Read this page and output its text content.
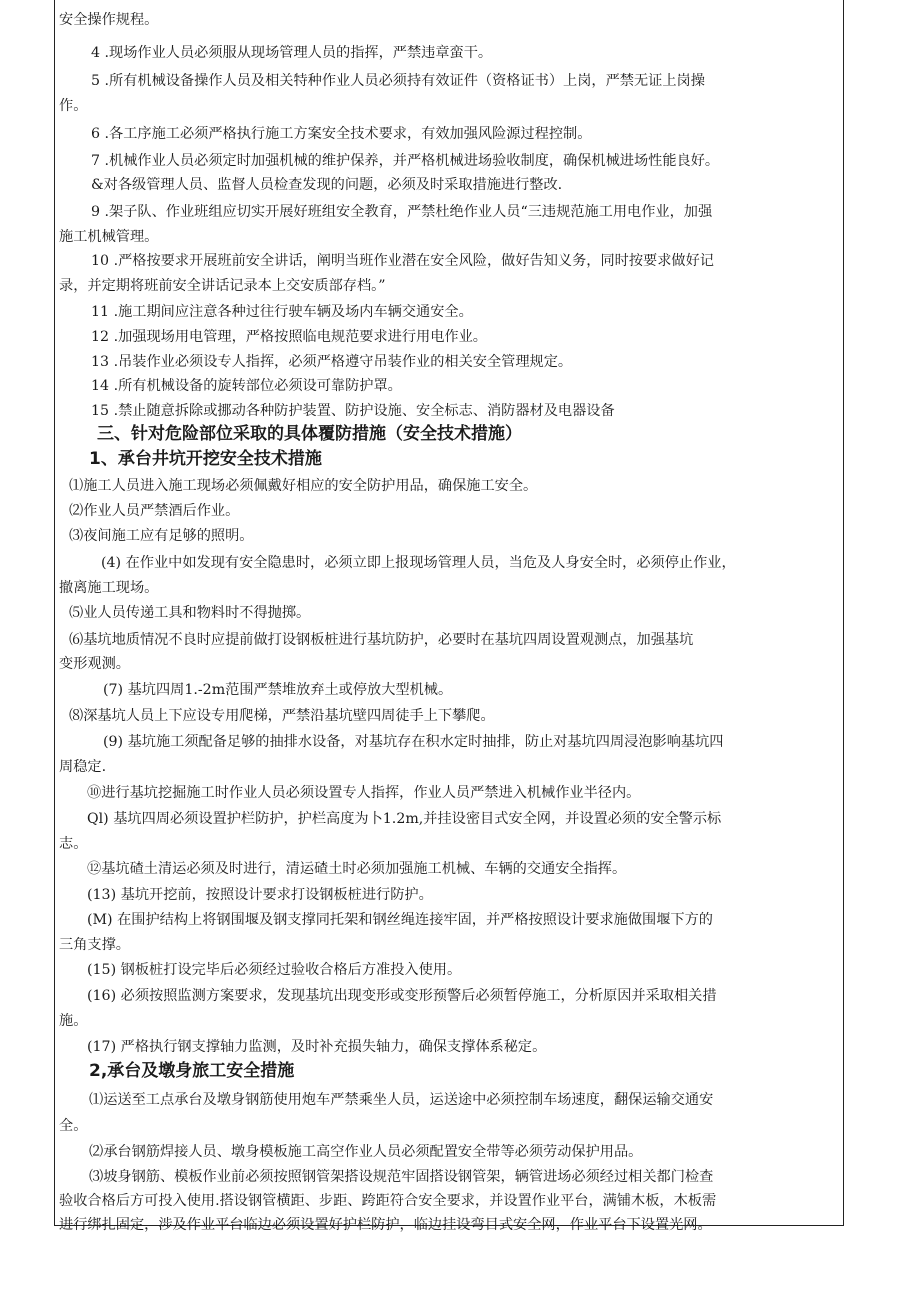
安全操作规程。
4 .现场作业人员必须服从现场管理人员的指挥，严禁违章蛮干。
5 .所有机械设备操作人员及相关特种作业人员必须持有效证件（资格证书）上岗，严禁无证上岗操
作。
6 .各工序施工必须严格执行施工方案安全技术要求，有效加强风险源过程控制。
7 .机械作业人员必须定时加强机械的维护保养，并严格机械进场验收制度，确保机械进场性能良好。
&对各级管理人员、监督人员检查发现的问题，必须及时采取措施进行整改.
9 .架子队、作业班组应切实开展好班组安全教育，严禁杜绝作业人员“三违规范施工用电作业，加强
施工机械管理。
10 .严格按要求开展班前安全讲话，阐明当班作业潜在安全风险，做好告知义务，同时按要求做好记
录，并定期将班前安全讲话记录本上交安质部存档。”
11 .施工期间应注意各种过往行驶车辆及场内车辆交通安全。
12 .加强现场用电管理，严格按照临电规范要求进行用电作业。
13 .吊装作业必须设专人指挥，必须严格遵守吊装作业的相关安全管理规定。
14 .所有机械设备的旋转部位必须设可靠防护罩。
15 .禁止随意拆除或挪动各种防护装置、防护设施、安全标志、消防器材及电器设备
三、针对危险部位采取的具体覆防措施（安全技术措施）
1、承台井坑开挖安全技术措施
⑴施工人员进入施工现场必须佩戴好相应的安全防护用品，确保施工安全。
⑵作业人员严禁酒后作业。
⑶夜间施工应有足够的照明。
(4) 在作业中如发现有安全隐患时，必须立即上报现场管理人员，当危及人身安全时，必须停止作业，
撤离施工现场。
⑸业人员传递工具和物料时不得抛掷。
⑹基坑地质情况不良时应提前做打设钢板桩进行基坑防护，必要时在基坑四周设置观测点，加强基坑
变形观测。
(7) 基坑四周1.-2m范围严禁堆放弃土或停放大型机械。
⑻深基坑人员上下应设专用爬梯，严禁沿基坑壁四周徒手上下攀爬。
(9) 基坑施工须配备足够的抽排水设备，对基坑存在积水定时抽排，防止对基坑四周浸泡影响基坑四
周稳定.
⑩进行基坑挖掘施工时作业人员必须设置专人指挥，作业人员严禁进入机械作业半径内。
Ql) 基坑四周必须设置护栏防护，护栏高度为卜1.2m,并挂设密目式安全网，并设置必须的安全警示标
志。
⑫基坑碴土清运必须及时进行，清运碴土时必须加强施工机械、车辆的交通安全指挥。
(13) 基坑开挖前，按照设计要求打设钢板桩进行防护。
(M) 在围护结构上将钢围堰及钢支撑同托架和钢丝绳连接牢固，并严格按照设计要求施做围堰下方的
三角支撑。
(15) 钢板桩打设完毕后必须经过验收合格后方准投入使用。
(16) 必须按照监测方案要求，发现基坑出现变形或变形预警后必须暂停施工，分析原因并采取相关措
施。
(17) 严格执行钢支撑轴力监测，及时补充损失轴力，确保支撑体系秘定。
2,承台及墩身旅工安全措施
⑴运送至工点承台及墩身钢筋使用炮车严禁乘坐人员，运送途中必须控制车场速度，翻保运输交通安
全。
⑵承台钢筋焊接人员、墩身模板施工高空作业人员必须配置安全带等必须劳动保护用品。
⑶坡身钢筋、模板作业前必须按照钢管架搭设规范牢固搭设钢管架，辆管进场必须经过相关都门检查
验收合格后方可投入使用.搭设钢管横距、步距、跨距符合安全要求，并设置作业平台，满铺木板，木板需
进行绑扎固定，涉及作业平台临边必须设置好护栏防护，临边挂设弯目式安全网，作业平台下设置光网。
